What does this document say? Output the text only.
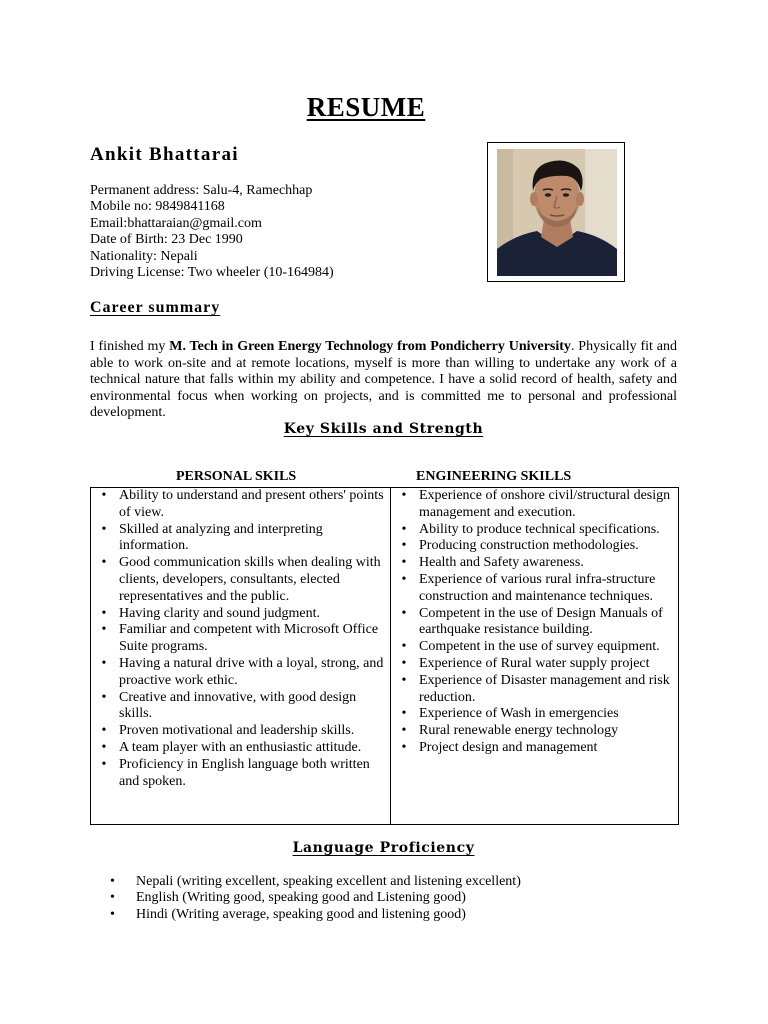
RESUME
Ankit Bhattarai
Permanent address: Salu-4, Ramechhap
Mobile no: 9849841168
Email:bhattaraian@gmail.com
Date of Birth: 23 Dec 1990
Nationality: Nepali
Driving License: Two wheeler (10-164984)
Career summary

I finished my M. Tech in Green Energy Technology from Pondicherry University. Physically fit and able to work on-site and at remote locations, myself is more than willing to undertake any work of a technical nature that falls within my ability and competence. I have a solid record of health, safety and environmental focus when working on projects, and is committed me to personal and professional development.

Key Skills and Strength
PERSONAL SKILS	ENGINEERING SKILLS
• Ability to understand and present others' points of view.
• Skilled at analyzing and interpreting information.
• Good communication skills when dealing with clients, developers, consultants, elected representatives and the public.
• Having clarity and sound judgment.
• Familiar and competent with Microsoft Office Suite programs.
• Having a natural drive with a loyal, strong, and proactive work ethic.
• Creative and innovative, with good design skills.
• Proven motivational and leadership skills.
• A team player with an enthusiastic attitude.
• Proficiency in English language both written and spoken.
• Experience of onshore civil/structural design management and execution.
• Ability to produce technical specifications.
• Producing construction methodologies.
• Health and Safety awareness.
• Experience of various rural infra-structure construction and maintenance techniques.
• Competent in the use of Design Manuals of earthquake resistance building.
• Competent in the use of survey equipment.
• Experience of Rural water supply project
• Experience of Disaster management and risk reduction.
• Experience of Wash in emergencies
• Rural renewable energy technology
• Project design and management
Language Proficiency
• Nepali (writing excellent, speaking excellent and listening excellent)
• English (Writing good, speaking good and Listening good)
• Hindi (Writing average, speaking good and listening good)
